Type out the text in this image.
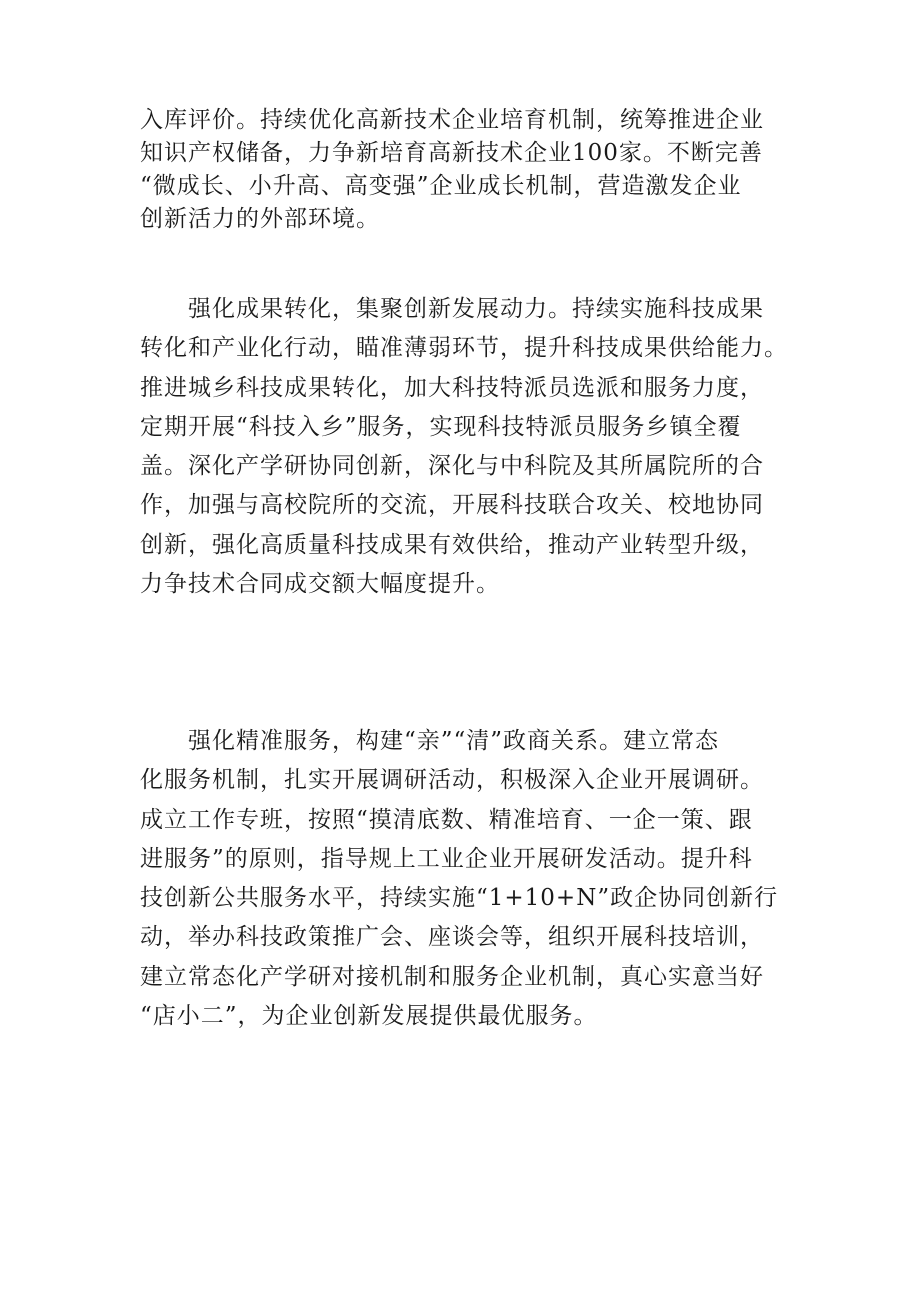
入库评价。持续优化高新技术企业培育机制，统筹推进企业
知识产权储备，力争新培育高新技术企业100家。不断完善
“微成长、小升高、高变强”企业成长机制，营造激发企业
创新活力的外部环境。
强化成果转化，集聚创新发展动力。持续实施科技成果
转化和产业化行动，瞄准薄弱环节，提升科技成果供给能力。
推进城乡科技成果转化，加大科技特派员选派和服务力度，
定期开展“科技入乡”服务，实现科技特派员服务乡镇全覆
盖。深化产学研协同创新，深化与中科院及其所属院所的合
作，加强与高校院所的交流，开展科技联合攻关、校地协同
创新，强化高质量科技成果有效供给，推动产业转型升级，
力争技术合同成交额大幅度提升。
强化精准服务，构建“亲”“清”政商关系。建立常态
化服务机制，扎实开展调研活动，积极深入企业开展调研。
成立工作专班，按照“摸清底数、精准培育、一企一策、跟
进服务”的原则，指导规上工业企业开展研发活动。提升科
技创新公共服务水平，持续实施“1+10+N”政企协同创新行
动，举办科技政策推广会、座谈会等，组织开展科技培训，
建立常态化产学研对接机制和服务企业机制，真心实意当好
“店小二”，为企业创新发展提供最优服务。
